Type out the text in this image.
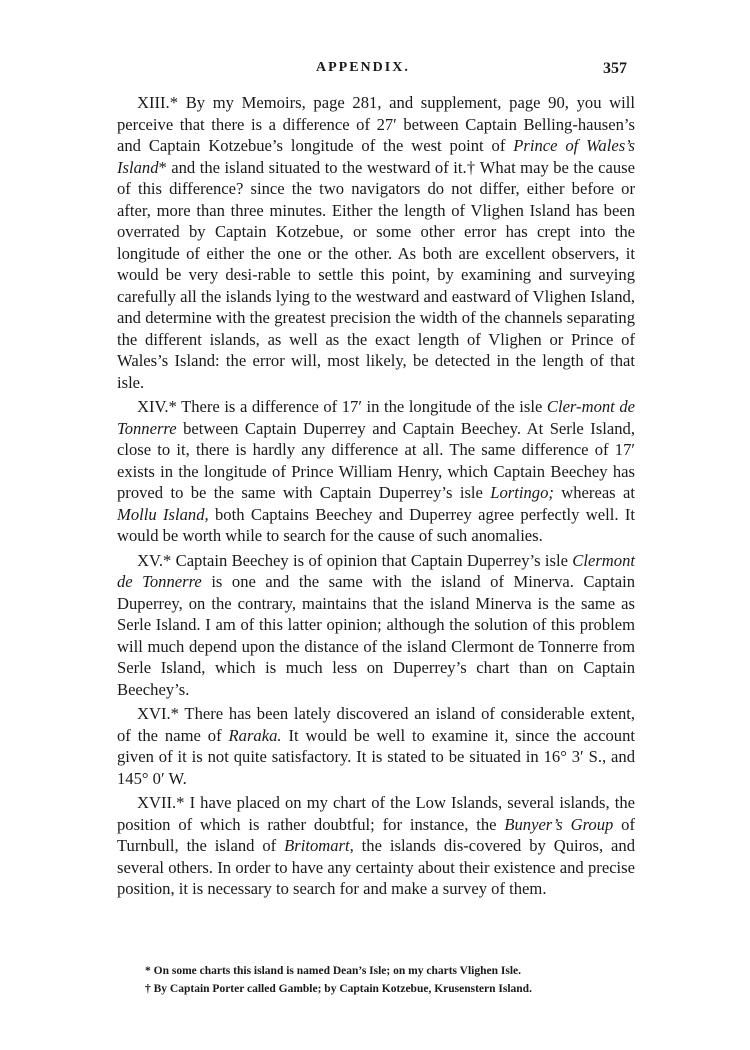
APPENDIX.	357

XIII.* By my Memoirs, page 281, and supplement, page 90, you will perceive that there is a difference of 27′ between Captain Belling-hausen’s and Captain Kotzebue’s longitude of the west point of Prince of Wales’s Island* and the island situated to the westward of it.† What may be the cause of this difference? since the two navigators do not differ, either before or after, more than three minutes. Either the length of Vlighen Island has been overrated by Captain Kotzebue, or some other error has crept into the longitude of either the one or the other. As both are excellent observers, it would be very desi-rable to settle this point, by examining and surveying carefully all the islands lying to the westward and eastward of Vlighen Island, and determine with the greatest precision the width of the channels separating the different islands, as well as the exact length of Vlighen or Prince of Wales’s Island: the error will, most likely, be detected in the length of that isle.

XIV.* There is a difference of 17′ in the longitude of the isle Cler-mont de Tonnerre between Captain Duperrey and Captain Beechey. At Serle Island, close to it, there is hardly any difference at all. The same difference of 17′ exists in the longitude of Prince William Henry, which Captain Beechey has proved to be the same with Captain Duperrey’s isle Lortingo; whereas at Mollu Island, both Captains Beechey and Duperrey agree perfectly well. It would be worth while to search for the cause of such anomalies.

XV.* Captain Beechey is of opinion that Captain Duperrey’s isle Clermont de Tonnerre is one and the same with the island of Minerva. Captain Duperrey, on the contrary, maintains that the island Minerva is the same as Serle Island. I am of this latter opinion; although the solution of this problem will much depend upon the distance of the island Clermont de Tonnerre from Serle Island, which is much less on Duperrey’s chart than on Captain Beechey’s.

XVI.* There has been lately discovered an island of considerable extent, of the name of Raraka. It would be well to examine it, since the account given of it is not quite satisfactory. It is stated to be situated in 16° 3′ S., and 145° 0′ W.

XVII.* I have placed on my chart of the Low Islands, several islands, the position of which is rather doubtful; for instance, the Bunyer’s Group of Turnbull, the island of Britomart, the islands dis-covered by Quiros, and several others. In order to have any certainty about their existence and precise position, it is necessary to search for and make a survey of them.

* On some charts this island is named Dean’s Isle; on my charts Vlighen Isle.

† By Captain Porter called Gamble; by Captain Kotzebue, Krusenstern Island.
